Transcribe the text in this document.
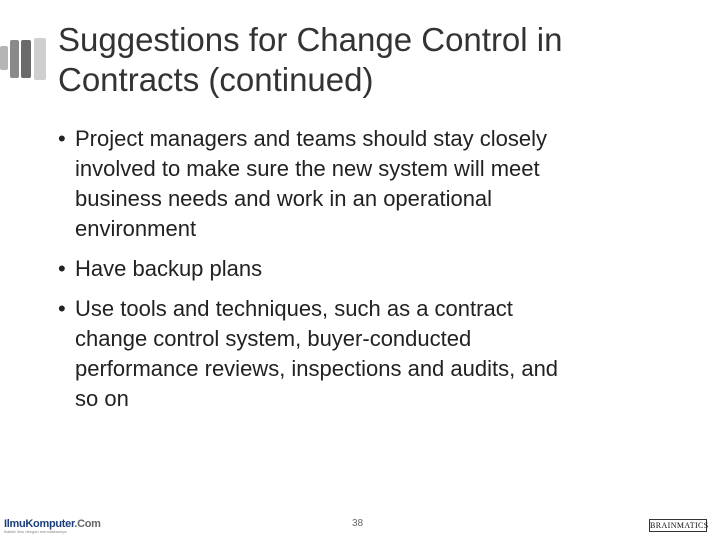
Suggestions for Change Control in
Contracts (continued)
• Project managers and teams should stay closely
involved to make sure the new system will meet
business needs and work in an operational
environment
• Have backup plans
• Use tools and techniques, such as a contract
change control system, buyer-conducted
performance reviews, inspections and audits, and
so on
IlmuKomputer.Com
Ikatlah ilmu dengan menuliskannya
38	BRAINMATICS
